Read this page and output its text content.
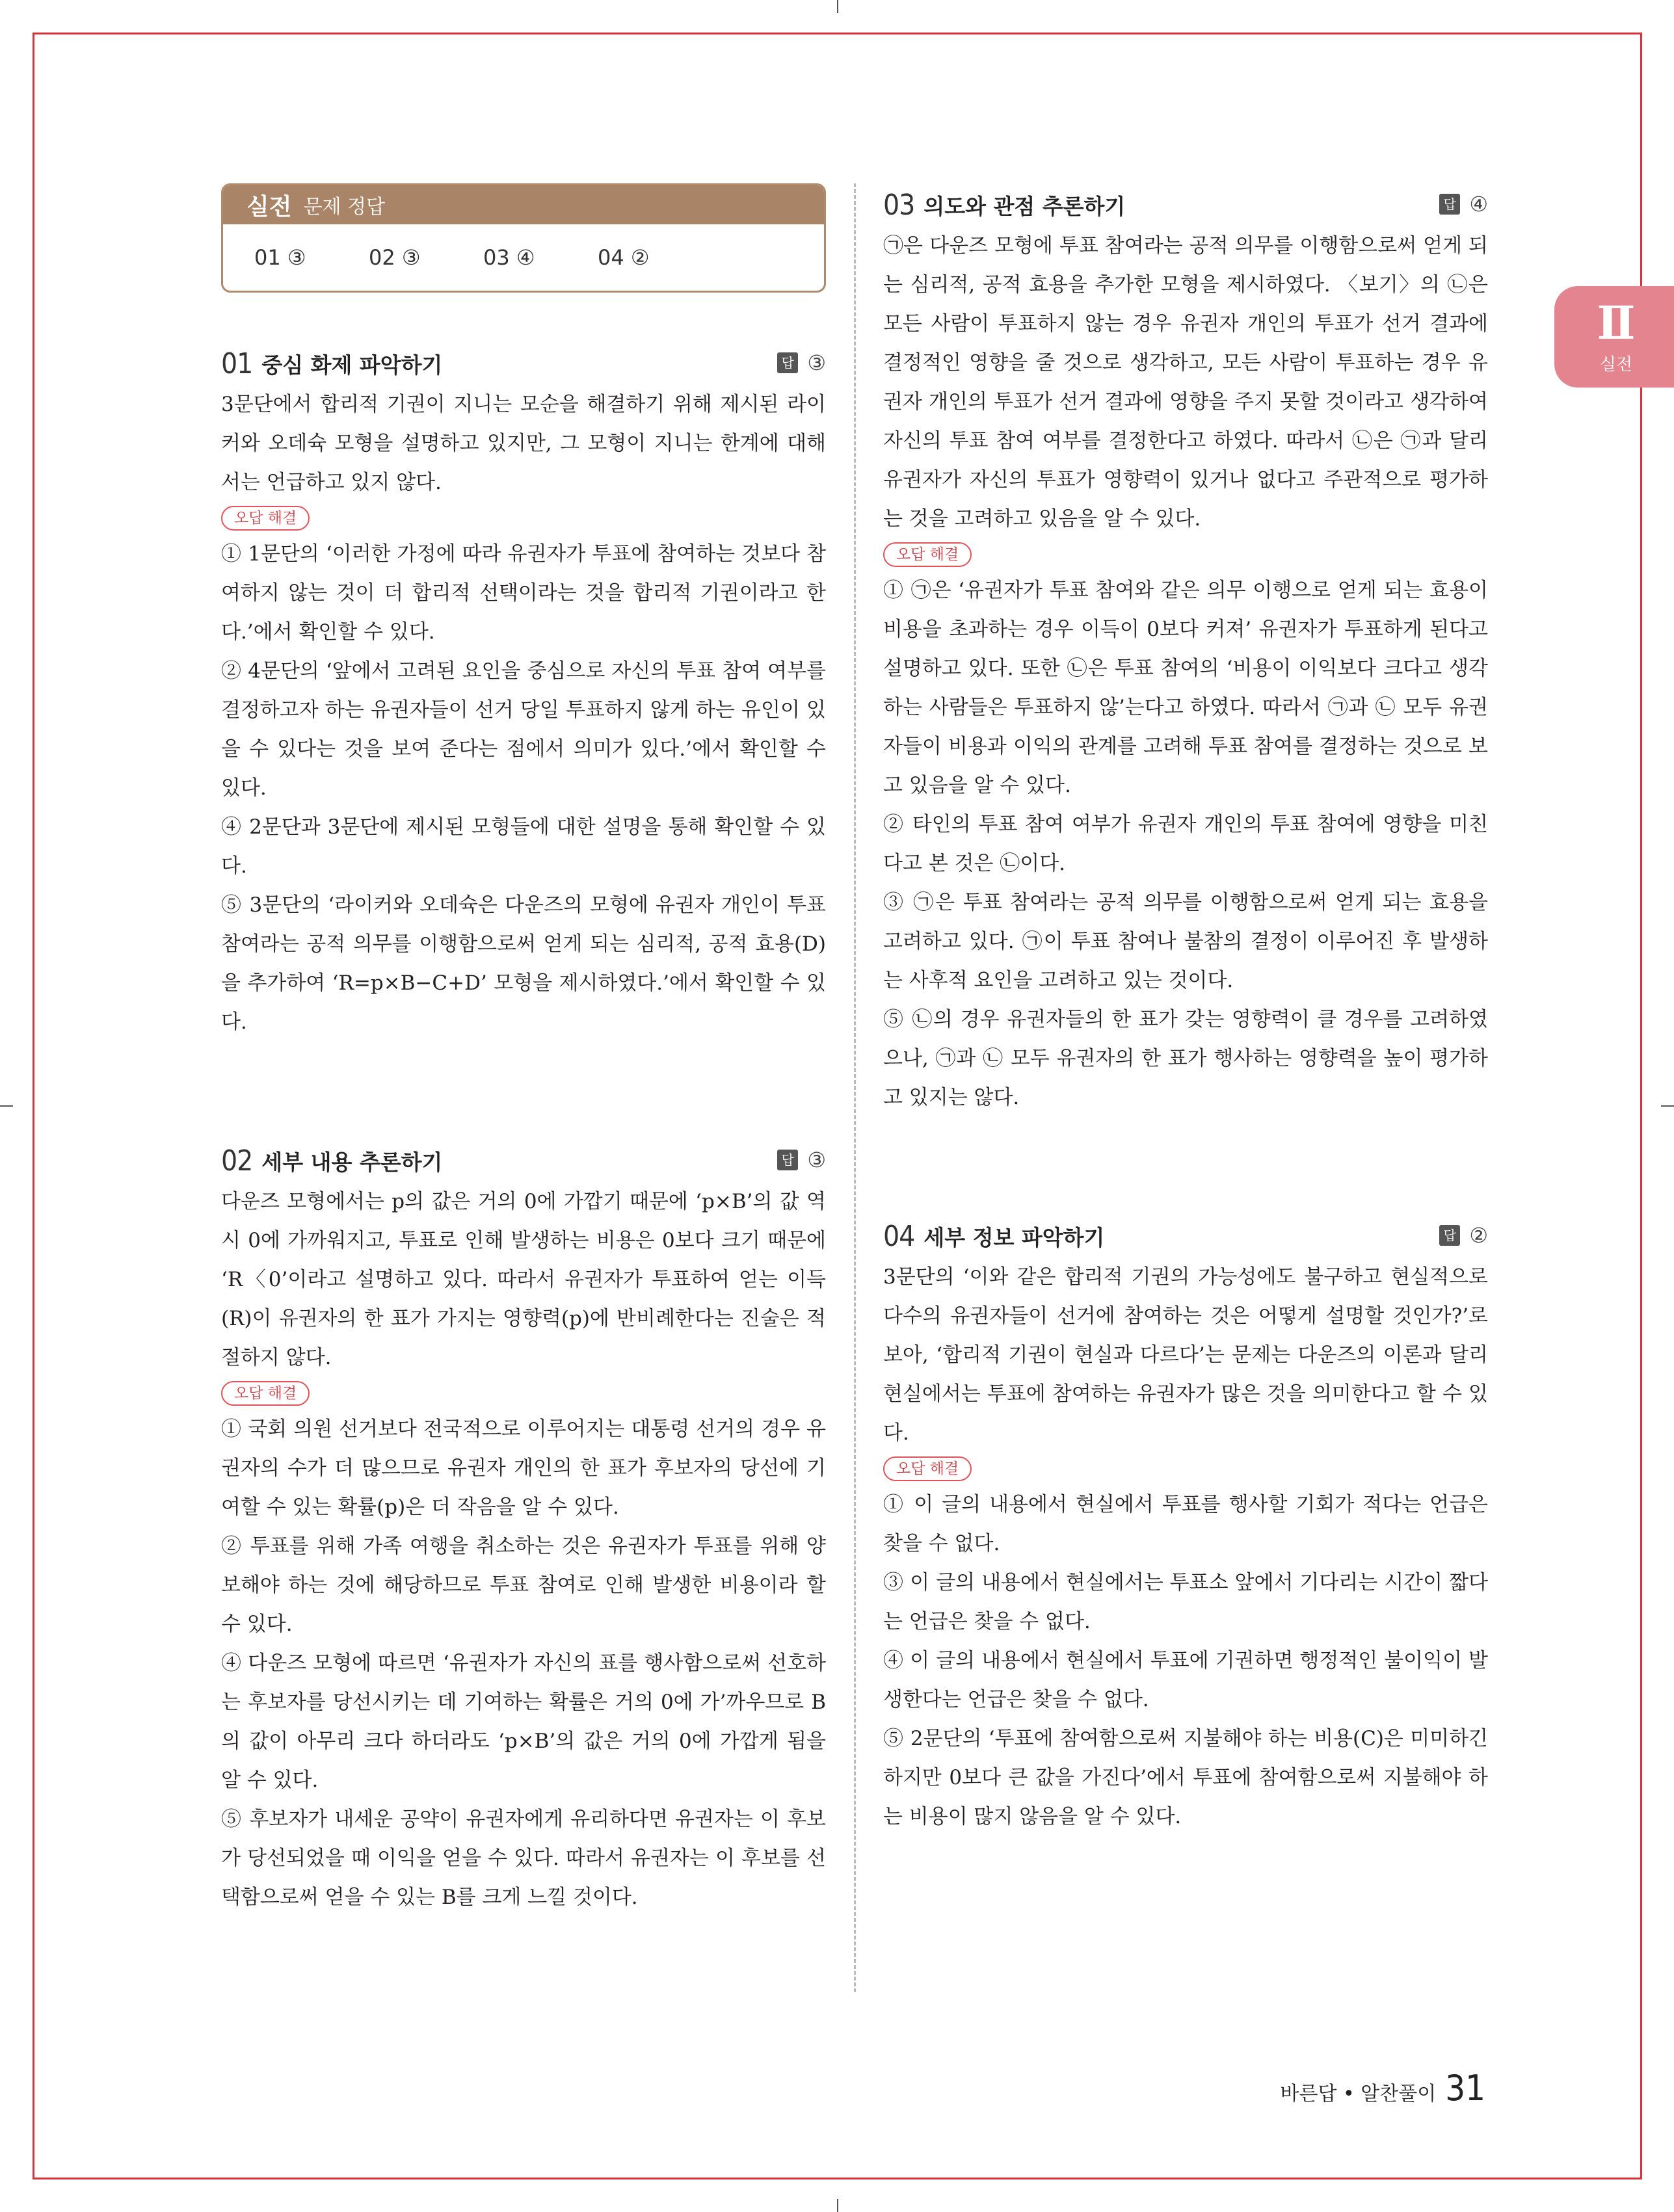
실전 문제 정답
01 ③	02 ③	03 ④	04 ②
01 중심 화제 파악하기	답 ③

3문단에서 합리적 기권이 지니는 모순을 해결하기 위해 제시된 라이커와 오데슉 모형을 설명하고 있지만, 그 모형이 지니는 한계에 대해서는 언급하고 있지 않다.

오답 해결

① 1문단의 ‘이러한 가정에 따라 유권자가 투표에 참여하는 것보다 참여하지 않는 것이 더 합리적 선택이라는 것을 합리적 기권이라고 한다.’에서 확인할 수 있다.

② 4문단의 ‘앞에서 고려된 요인을 중심으로 자신의 투표 참여 여부를 결정하고자 하는 유권자들이 선거 당일 투표하지 않게 하는 유인이 있을 수 있다는 것을 보여 준다는 점에서 의미가 있다.’에서 확인할 수 있다.

④ 2문단과 3문단에 제시된 모형들에 대한 설명을 통해 확인할 수 있다.

⑤ 3문단의 ‘라이커와 오데슉은 다운즈의 모형에 유권자 개인이 투표 참여라는 공적 의무를 이행함으로써 얻게 되는 심리적, 공적 효용(D)을 추가하여 ‘R=p×B−C+D’ 모형을 제시하였다.’에서 확인할 수 있다.

02 세부 내용 추론하기	답 ③

다운즈 모형에서는 p의 값은 거의 0에 가깝기 때문에 ‘p×B’의 값 역시 0에 가까워지고, 투표로 인해 발생하는 비용은 0보다 크기 때문에 ‘R〈0’이라고 설명하고 있다. 따라서 유권자가 투표하여 얻는 이득(R)이 유권자의 한 표가 가지는 영향력(p)에 반비례한다는 진술은 적절하지 않다.

오답 해결

① 국회 의원 선거보다 전국적으로 이루어지는 대통령 선거의 경우 유권자의 수가 더 많으므로 유권자 개인의 한 표가 후보자의 당선에 기여할 수 있는 확률(p)은 더 작음을 알 수 있다.

② 투표를 위해 가족 여행을 취소하는 것은 유권자가 투표를 위해 양보해야 하는 것에 해당하므로 투표 참여로 인해 발생한 비용이라 할 수 있다.

④ 다운즈 모형에 따르면 ‘유권자가 자신의 표를 행사함으로써 선호하는 후보자를 당선시키는 데 기여하는 확률은 거의 0에 가’까우므로 B의 값이 아무리 크다 하더라도 ‘p×B’의 값은 거의 0에 가깝게 됨을 알 수 있다.

⑤ 후보자가 내세운 공약이 유권자에게 유리하다면 유권자는 이 후보가 당선되었을 때 이익을 얻을 수 있다. 따라서 유권자는 이 후보를 선택함으로써 얻을 수 있는 B를 크게 느낄 것이다.

03 의도와 관점 추론하기	답 ④

㉠은 다운즈 모형에 투표 참여라는 공적 의무를 이행함으로써 얻게 되는 심리적, 공적 효용을 추가한 모형을 제시하였다. 〈보기〉의 ㉡은 모든 사람이 투표하지 않는 경우 유권자 개인의 투표가 선거 결과에 결정적인 영향을 줄 것으로 생각하고, 모든 사람이 투표하는 경우 유권자 개인의 투표가 선거 결과에 영향을 주지 못할 것이라고 생각하여 자신의 투표 참여 여부를 결정한다고 하였다. 따라서 ㉡은 ㉠과 달리 유권자가 자신의 투표가 영향력이 있거나 없다고 주관적으로 평가하는 것을 고려하고 있음을 알 수 있다.

오답 해결

① ㉠은 ‘유권자가 투표 참여와 같은 의무 이행으로 얻게 되는 효용이 비용을 초과하는 경우 이득이 0보다 커져’ 유권자가 투표하게 된다고 설명하고 있다. 또한 ㉡은 투표 참여의 ‘비용이 이익보다 크다고 생각하는 사람들은 투표하지 않’는다고 하였다. 따라서 ㉠과 ㉡ 모두 유권자들이 비용과 이익의 관계를 고려해 투표 참여를 결정하는 것으로 보고 있음을 알 수 있다.

② 타인의 투표 참여 여부가 유권자 개인의 투표 참여에 영향을 미친다고 본 것은 ㉡이다.

③ ㉠은 투표 참여라는 공적 의무를 이행함으로써 얻게 되는 효용을 고려하고 있다. ㉠이 투표 참여나 불참의 결정이 이루어진 후 발생하는 사후적 요인을 고려하고 있는 것이다.

⑤ ㉡의 경우 유권자들의 한 표가 갖는 영향력이 클 경우를 고려하였으나, ㉠과 ㉡ 모두 유권자의 한 표가 행사하는 영향력을 높이 평가하고 있지는 않다.

04 세부 정보 파악하기	답 ②

3문단의 ‘이와 같은 합리적 기권의 가능성에도 불구하고 현실적으로 다수의 유권자들이 선거에 참여하는 것은 어떻게 설명할 것인가?’로 보아, ‘합리적 기권이 현실과 다르다’는 문제는 다운즈의 이론과 달리 현실에서는 투표에 참여하는 유권자가 많은 것을 의미한다고 할 수 있다.

오답 해결

① 이 글의 내용에서 현실에서 투표를 행사할 기회가 적다는 언급은 찾을 수 없다.

③ 이 글의 내용에서 현실에서는 투표소 앞에서 기다리는 시간이 짧다는 언급은 찾을 수 없다.

④ 이 글의 내용에서 현실에서 투표에 기권하면 행정적인 불이익이 발생한다는 언급은 찾을 수 없다.

⑤ 2문단의 ‘투표에 참여함으로써 지불해야 하는 비용(C)은 미미하긴 하지만 0보다 큰 값을 가진다’에서 투표에 참여함으로써 지불해야 하는 비용이 많지 않음을 알 수 있다.

Ⅱ
실전
바른답 • 알찬풀이 31
